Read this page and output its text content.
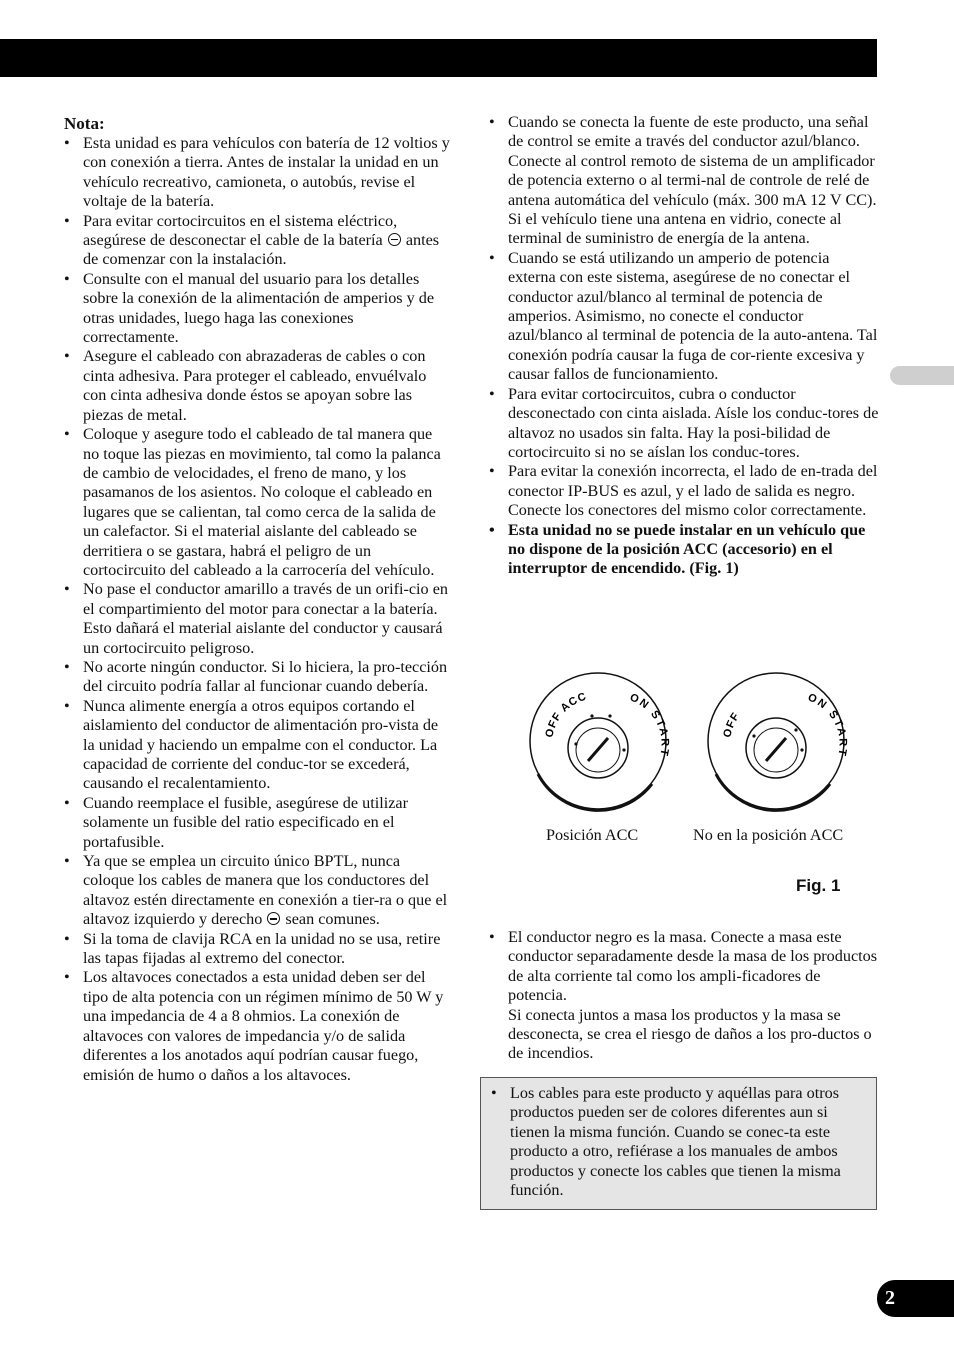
2

Nota:

• Esta unidad es para vehículos con batería de 12 voltios y con conexión a tierra. Antes de instalar la unidad en un vehículo recreativo, camioneta, o autobús, revise el voltaje de la batería.
• Para evitar cortocircuitos en el sistema eléctrico, asegúrese de desconectar el cable de la batería  antes de comenzar con la instalación.
• Consulte con el manual del usuario para los detalles sobre la conexión de la alimentación de amperios y de otras unidades, luego haga las conexiones correctamente.
• Asegure el cableado con abrazaderas de cables o con cinta adhesiva. Para proteger el cableado, envuélvalo con cinta adhesiva donde éstos se apoyan sobre las piezas de metal.
• Coloque y asegure todo el cableado de tal manera que no toque las piezas en movimiento, tal como la palanca de cambio de velocidades, el freno de mano, y los pasamanos de los asientos. No coloque el cableado en lugares que se calientan, tal como cerca de la salida de un calefactor. Si el material aislante del cableado se derritiera o se gastara, habrá el peligro de un cortocircuito del cableado a la carrocería del vehículo.
• No pase el conductor amarillo a través de un orifi-cio en el compartimiento del motor para conectar a la batería. Esto dañará el material aislante del conductor y causará un cortocircuito peligroso.
• No acorte ningún conductor. Si lo hiciera, la pro-tección del circuito podría fallar al funcionar cuando debería.
• Nunca alimente energía a otros equipos cortando el aislamiento del conductor de alimentación pro-vista de la unidad y haciendo un empalme con el conductor. La capacidad de corriente del conduc-tor se excederá, causando el recalentamiento.
• Cuando reemplace el fusible, asegúrese de utilizar solamente un fusible del ratio especificado en el portafusible.
• Ya que se emplea un circuito único BPTL, nunca coloque los cables de manera que los conductores del altavoz estén directamente en conexión a tier-ra o que el altavoz izquierdo y derecho  sean comunes.
• Si la toma de clavija RCA en la unidad no se usa, retire las tapas fijadas al extremo del conector.
• Los altavoces conectados a esta unidad deben ser del tipo de alta potencia con un régimen mínimo de 50 W y una impedancia de 4 a 8 ohmios. La conexión de altavoces con valores de impedancia y/o de salida diferentes a los anotados aquí podrían causar fuego, emisión de humo o daños a los altavoces.
• Cuando se conecta la fuente de este producto, una señal de control se emite a través del conductor azul/blanco. Conecte al control remoto de sistema de un amplificador de potencia externo o al termi-nal de controle de relé de antena automática del vehículo (máx. 300 mA 12 V CC). Si el vehículo tiene una antena en vidrio, conecte al terminal de suministro de energía de la antena.
• Cuando se está utilizando un amperio de potencia externa con este sistema, asegúrese de no conectar el conductor azul/blanco al terminal de potencia de amperios. Asimismo, no conecte el conductor azul/blanco al terminal de potencia de la auto-antena. Tal conexión podría causar la fuga de cor-riente excesiva y causar fallos de funcionamiento.
• Para evitar cortocircuitos, cubra o conductor desconectado con cinta aislada. Aísle los conduc-tores de altavoz no usados sin falta. Hay la posi-bilidad de cortocircuito si no se aíslan los conduc-tores.
• Para evitar la conexión incorrecta, el lado de en-trada del conector IP-BUS es azul, y el lado de salida es negro. Conecte los conectores del mismo color correctamente.
• Esta unidad no se puede instalar en un vehículo que no dispone de la posición ACC (accesorio) en el interruptor de encendido. (Fig. 1)
OFF ACC	ON START
OFF
ON START
Posición ACC	No en la posición ACC
Fig. 1
• El conductor negro es la masa. Conecte a masa este conductor separadamente desde la masa de los productos de alta corriente tal como los ampli-ficadores de potencia.
Si conecta juntos a masa los productos y la masa se desconecta, se crea el riesgo de daños a los pro-ductos o de incendios.
• Los cables para este producto y aquéllas para otros productos pueden ser de colores diferentes aun si tienen la misma función. Cuando se conec-ta este producto a otro, refiérase a los manuales de ambos productos y conecte los cables que tienen la misma función.
